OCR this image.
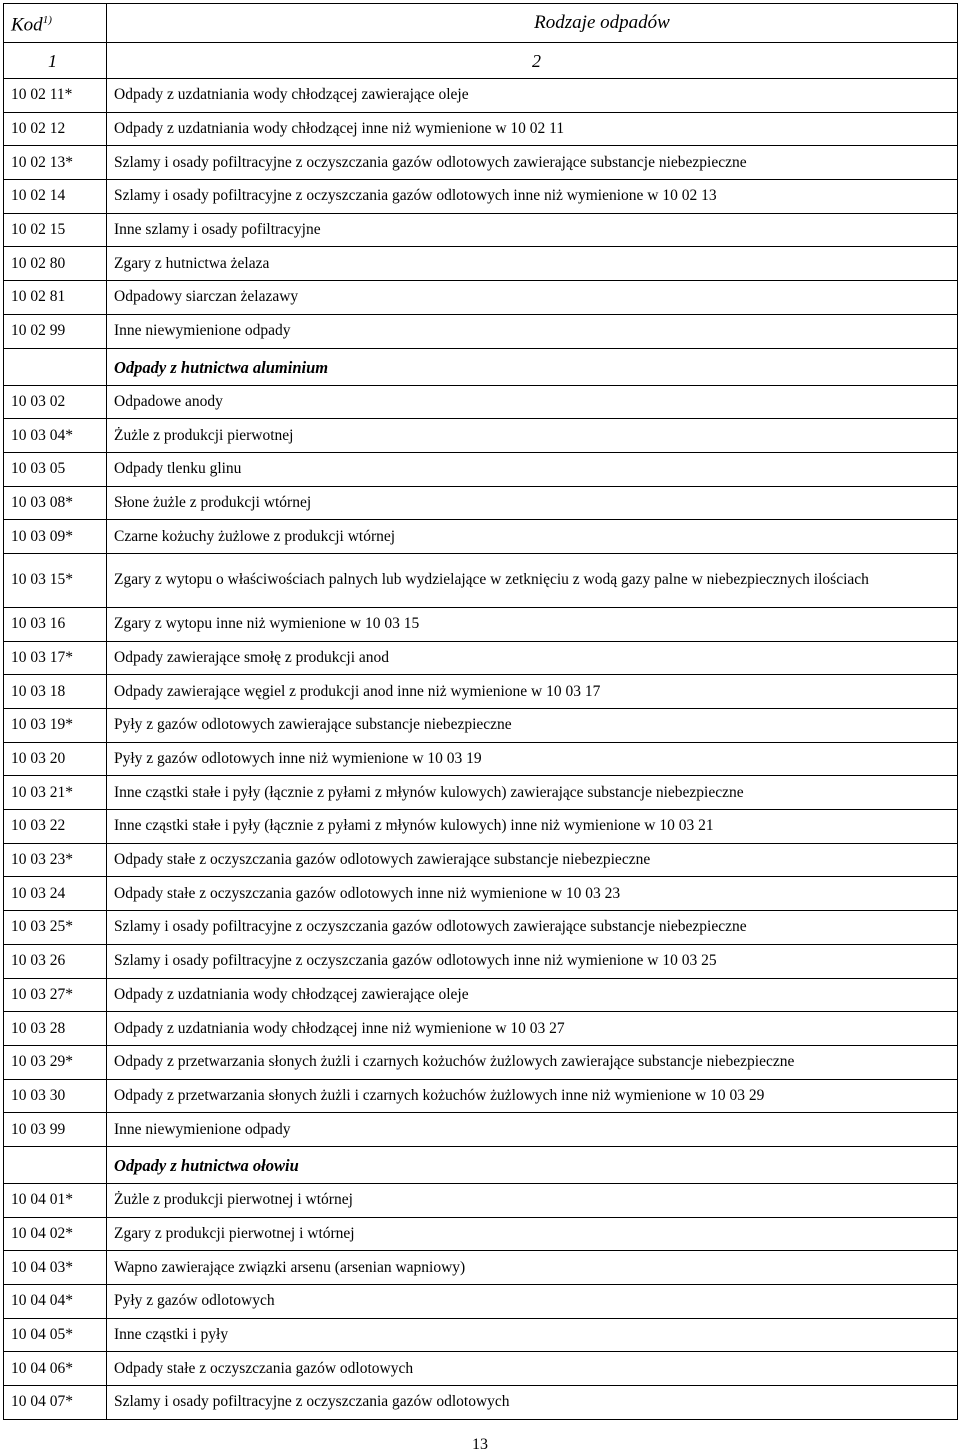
Kod$^{1)}$	Rodzaje odpadów
1	2
10 02 11*	Odpady z uzdatniania wody chłodzącej zawierające oleje
10 02 12	Odpady z uzdatniania wody chłodzącej inne niż wymienione w 10 02 11
10 02 13*	Szlamy i osady pofiltracyjne z oczyszczania gazów odlotowych zawierające substancje niebezpieczne
10 02 14	Szlamy i osady pofiltracyjne z oczyszczania gazów odlotowych inne niż wymienione w 10 02 13
10 02 15	Inne szlamy i osady pofiltracyjne
10 02 80	Zgary z hutnictwa żelaza
10 02 81	Odpadowy siarczan żelazawy
10 02 99	Inne niewymienione odpady
	Odpady z hutnictwa aluminium
10 03 02	Odpadowe anody
10 03 04*	Żużle z produkcji pierwotnej
10 03 05	Odpady tlenku glinu
10 03 08*	Słone żużle z produkcji wtórnej
10 03 09*	Czarne kożuchy żużlowe z produkcji wtórnej
10 03 15*	Zgary z wytopu o właściwościach palnych lub wydzielające w zetknięciu z wodą gazy palne w niebezpiecznych ilościach
10 03 16	Zgary z wytopu inne niż wymienione w 10 03 15
10 03 17*	Odpady zawierające smołę z produkcji anod
10 03 18	Odpady zawierające węgiel z produkcji anod inne niż wymienione w 10 03 17
10 03 19*	Pyły z gazów odlotowych zawierające substancje niebezpieczne
10 03 20	Pyły z gazów odlotowych inne niż wymienione w 10 03 19
10 03 21*	Inne cząstki stałe i pyły (łącznie z pyłami z młynów kulowych) zawierające substancje niebezpieczne
10 03 22	Inne cząstki stałe i pyły (łącznie z pyłami z młynów kulowych) inne niż wymienione w 10 03 21
10 03 23*	Odpady stałe z oczyszczania gazów odlotowych zawierające substancje niebezpieczne
10 03 24	Odpady stałe z oczyszczania gazów odlotowych inne niż wymienione w 10 03 23
10 03 25*	Szlamy i osady pofiltracyjne z oczyszczania gazów odlotowych zawierające substancje niebezpieczne
10 03 26	Szlamy i osady pofiltracyjne z oczyszczania gazów odlotowych inne niż wymienione w 10 03 25
10 03 27*	Odpady z uzdatniania wody chłodzącej zawierające oleje
10 03 28	Odpady z uzdatniania wody chłodzącej inne niż wymienione w 10 03 27
10 03 29*	Odpady z przetwarzania słonych żużli i czarnych kożuchów żużlowych zawierające substancje niebezpieczne
10 03 30	Odpady z przetwarzania słonych żużli i czarnych kożuchów żużlowych inne niż wymienione w 10 03 29
10 03 99	Inne niewymienione odpady
	Odpady z hutnictwa ołowiu
10 04 01*	Żużle z produkcji pierwotnej i wtórnej
10 04 02*	Zgary z produkcji pierwotnej i wtórnej
10 04 03*	Wapno zawierające związki arsenu (arsenian wapniowy)
10 04 04*	Pyły z gazów odlotowych
10 04 05*	Inne cząstki i pyły
10 04 06*	Odpady stałe z oczyszczania gazów odlotowych
10 04 07*	Szlamy i osady pofiltracyjne z oczyszczania gazów odlotowych
13
